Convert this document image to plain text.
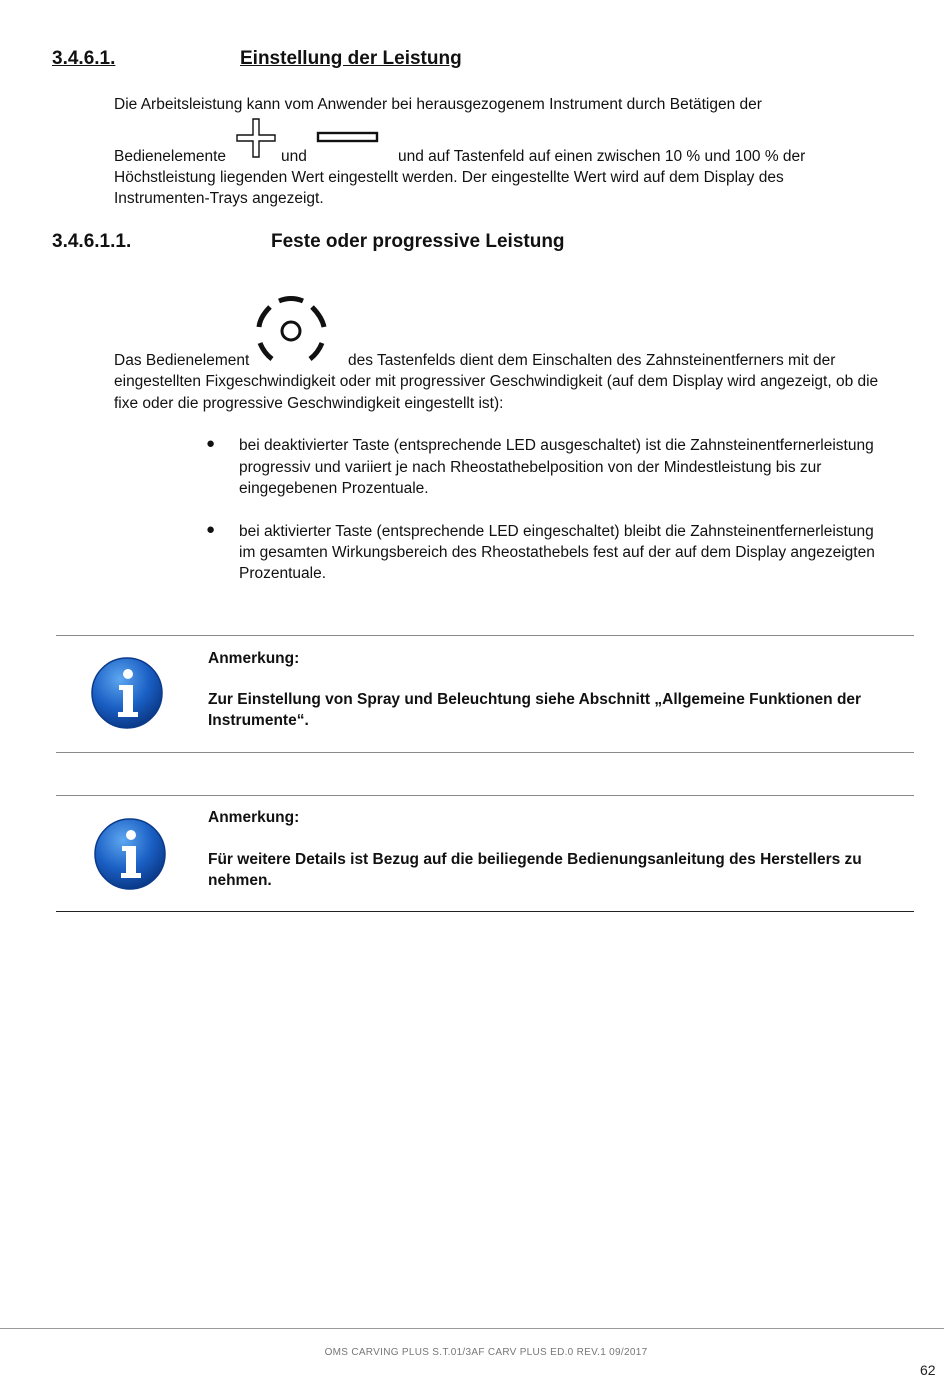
3.4.6.1.	Einstellung der Leistung
Die Arbeitsleistung kann vom Anwender bei herausgezogenem Instrument durch Betätigen der
Bedienelemente	und	und auf Tastenfeld auf einen zwischen 10 % und 100 % der
Höchstleistung liegenden Wert eingestellt werden. Der eingestellte Wert wird auf dem Display des
Instrumenten-Trays angezeigt.
3.4.6.1.1.	Feste oder progressive Leistung
Das Bedienelement	des Tastenfelds dient dem Einschalten des Zahnsteinentferners mit der
eingestellten Fixgeschwindigkeit oder mit progressiver Geschwindigkeit (auf dem Display wird angezeigt, ob die
fixe oder die progressive Geschwindigkeit eingestellt ist):
● bei deaktivierter Taste (entsprechende LED ausgeschaltet) ist die Zahnsteinentfernerleistung
progressiv und variiert je nach Rheostathebelposition von der Mindestleistung bis zur
eingegebenen Prozentuale.
● bei aktivierter Taste (entsprechende LED eingeschaltet) bleibt die Zahnsteinentfernerleistung
im gesamten Wirkungsbereich des Rheostathebels fest auf der auf dem Display angezeigten
Prozentuale.
Anmerkung:
Zur Einstellung von Spray und Beleuchtung siehe Abschnitt „Allgemeine Funktionen der
Instrumente“.
Anmerkung:
Für weitere Details ist Bezug auf die beiliegende Bedienungsanleitung des Herstellers zu
nehmen.
OMS CARVING PLUS S.T.01/3AF CARV PLUS ED.0 REV.1 09/2017
62
